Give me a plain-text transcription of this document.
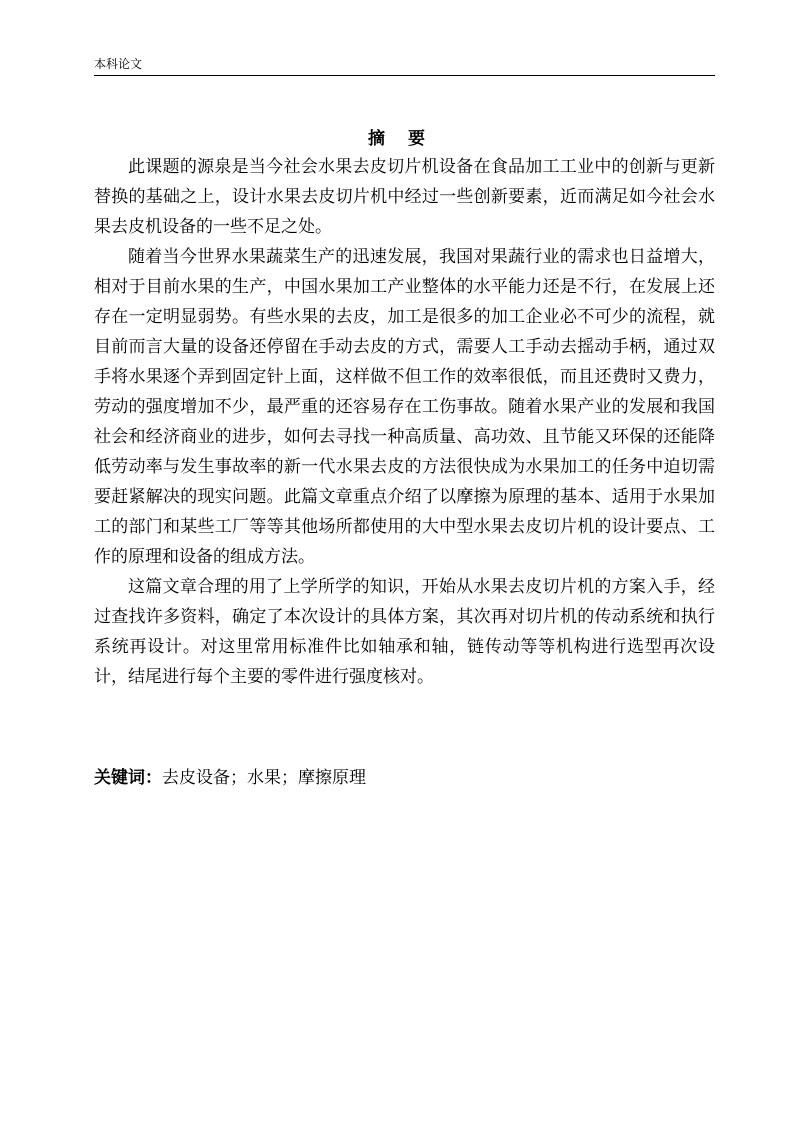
本科论文
摘 要

此课题的源泉是当今社会水果去皮切片机设备在食品加工工业中的创新与更新替换的基础之上，设计水果去皮切片机中经过一些创新要素，近而满足如今社会水果去皮机设备的一些不足之处。

随着当今世界水果蔬菜生产的迅速发展，我国对果蔬行业的需求也日益增大，相对于目前水果的生产，中国水果加工产业整体的水平能力还是不行，在发展上还存在一定明显弱势。有些水果的去皮，加工是很多的加工企业必不可少的流程，就目前而言大量的设备还停留在手动去皮的方式，需要人工手动去摇动手柄，通过双手将水果逐个弄到固定针上面，这样做不但工作的效率很低，而且还费时又费力，劳动的强度增加不少，最严重的还容易存在工伤事故。随着水果产业的发展和我国社会和经济商业的进步，如何去寻找一种高质量、高功效、且节能又环保的还能降低劳动率与发生事故率的新一代水果去皮的方法很快成为水果加工的任务中迫切需要赶紧解决的现实问题。此篇文章重点介绍了以摩擦为原理的基本、适用于水果加工的部门和某些工厂等等其他场所都使用的大中型水果去皮切片机的设计要点、工作的原理和设备的组成方法。

这篇文章合理的用了上学所学的知识，开始从水果去皮切片机的方案入手，经过查找许多资料，确定了本次设计的具体方案，其次再对切片机的传动系统和执行系统再设计。对这里常用标准件比如轴承和轴，链传动等等机构进行选型再次设计，结尾进行每个主要的零件进行强度核对。

关键词：去皮设备；水果；摩擦原理
